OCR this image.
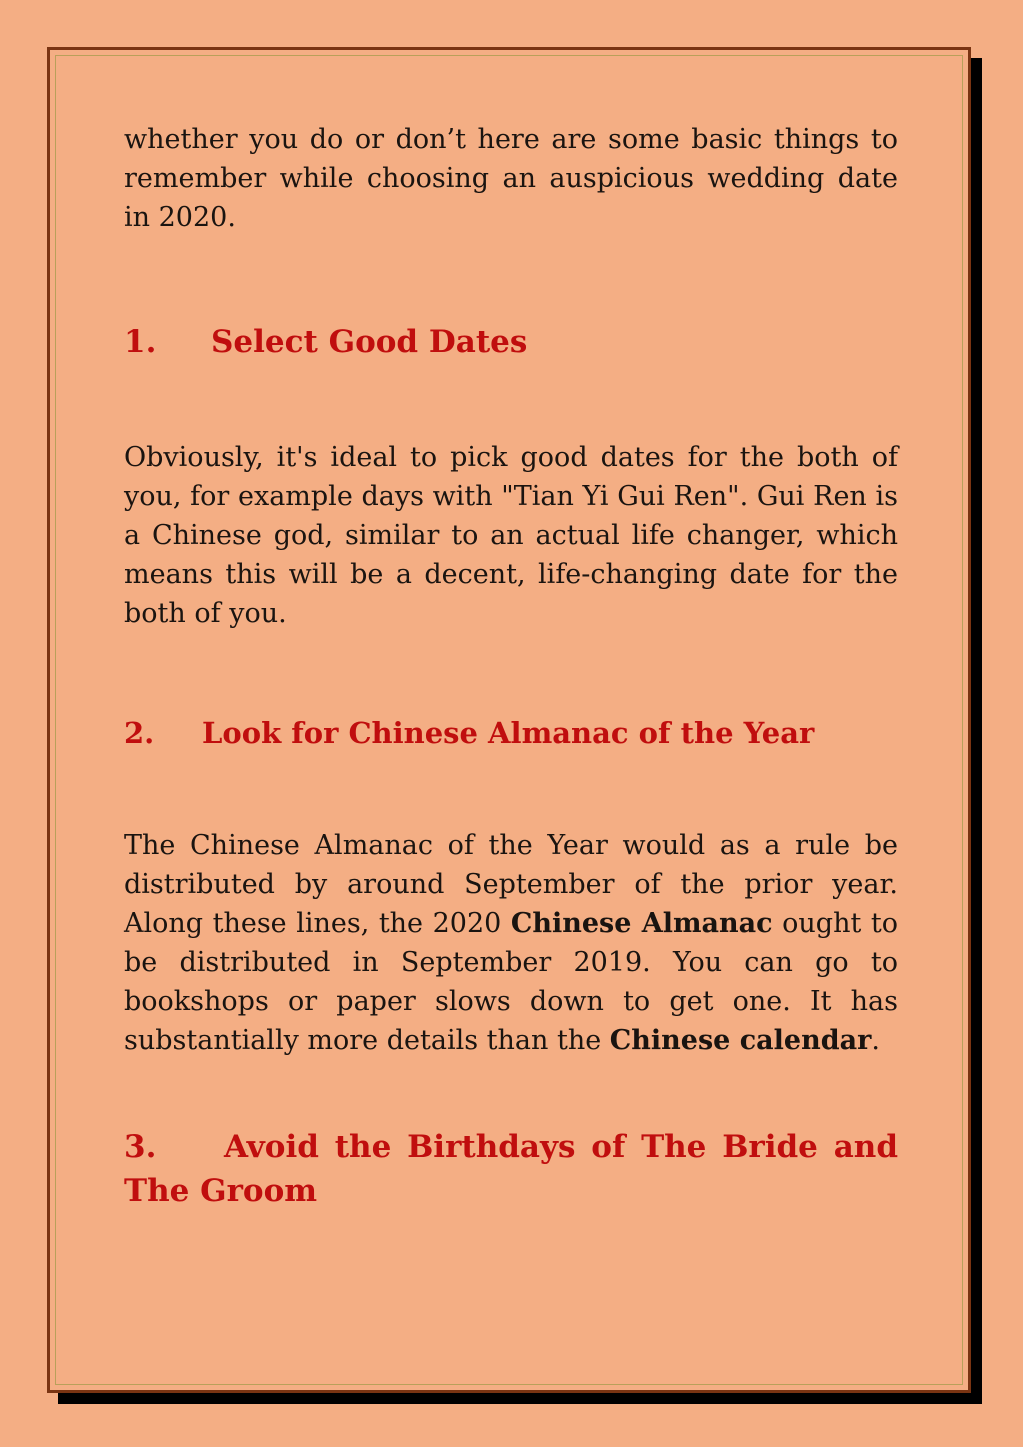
whether you do or don’t here are some basic things to remember while choosing an auspicious wedding date in 2020.

1. Select Good Dates

Obviously, it's ideal to pick good dates for the both of you, for example days with "Tian Yi Gui Ren". Gui Ren is a Chinese god, similar to an actual life changer, which means this will be a decent, life-changing date for the both of you.

2. Look for Chinese Almanac of the Year

The Chinese Almanac of the Year would as a rule be distributed by around September of the prior year. Along these lines, the 2020 Chinese Almanac ought to be distributed in September 2019. You can go to bookshops or paper slows down to get one. It has substantially more details than the Chinese calendar.

3. Avoid the Birthdays of The Bride and The Groom
